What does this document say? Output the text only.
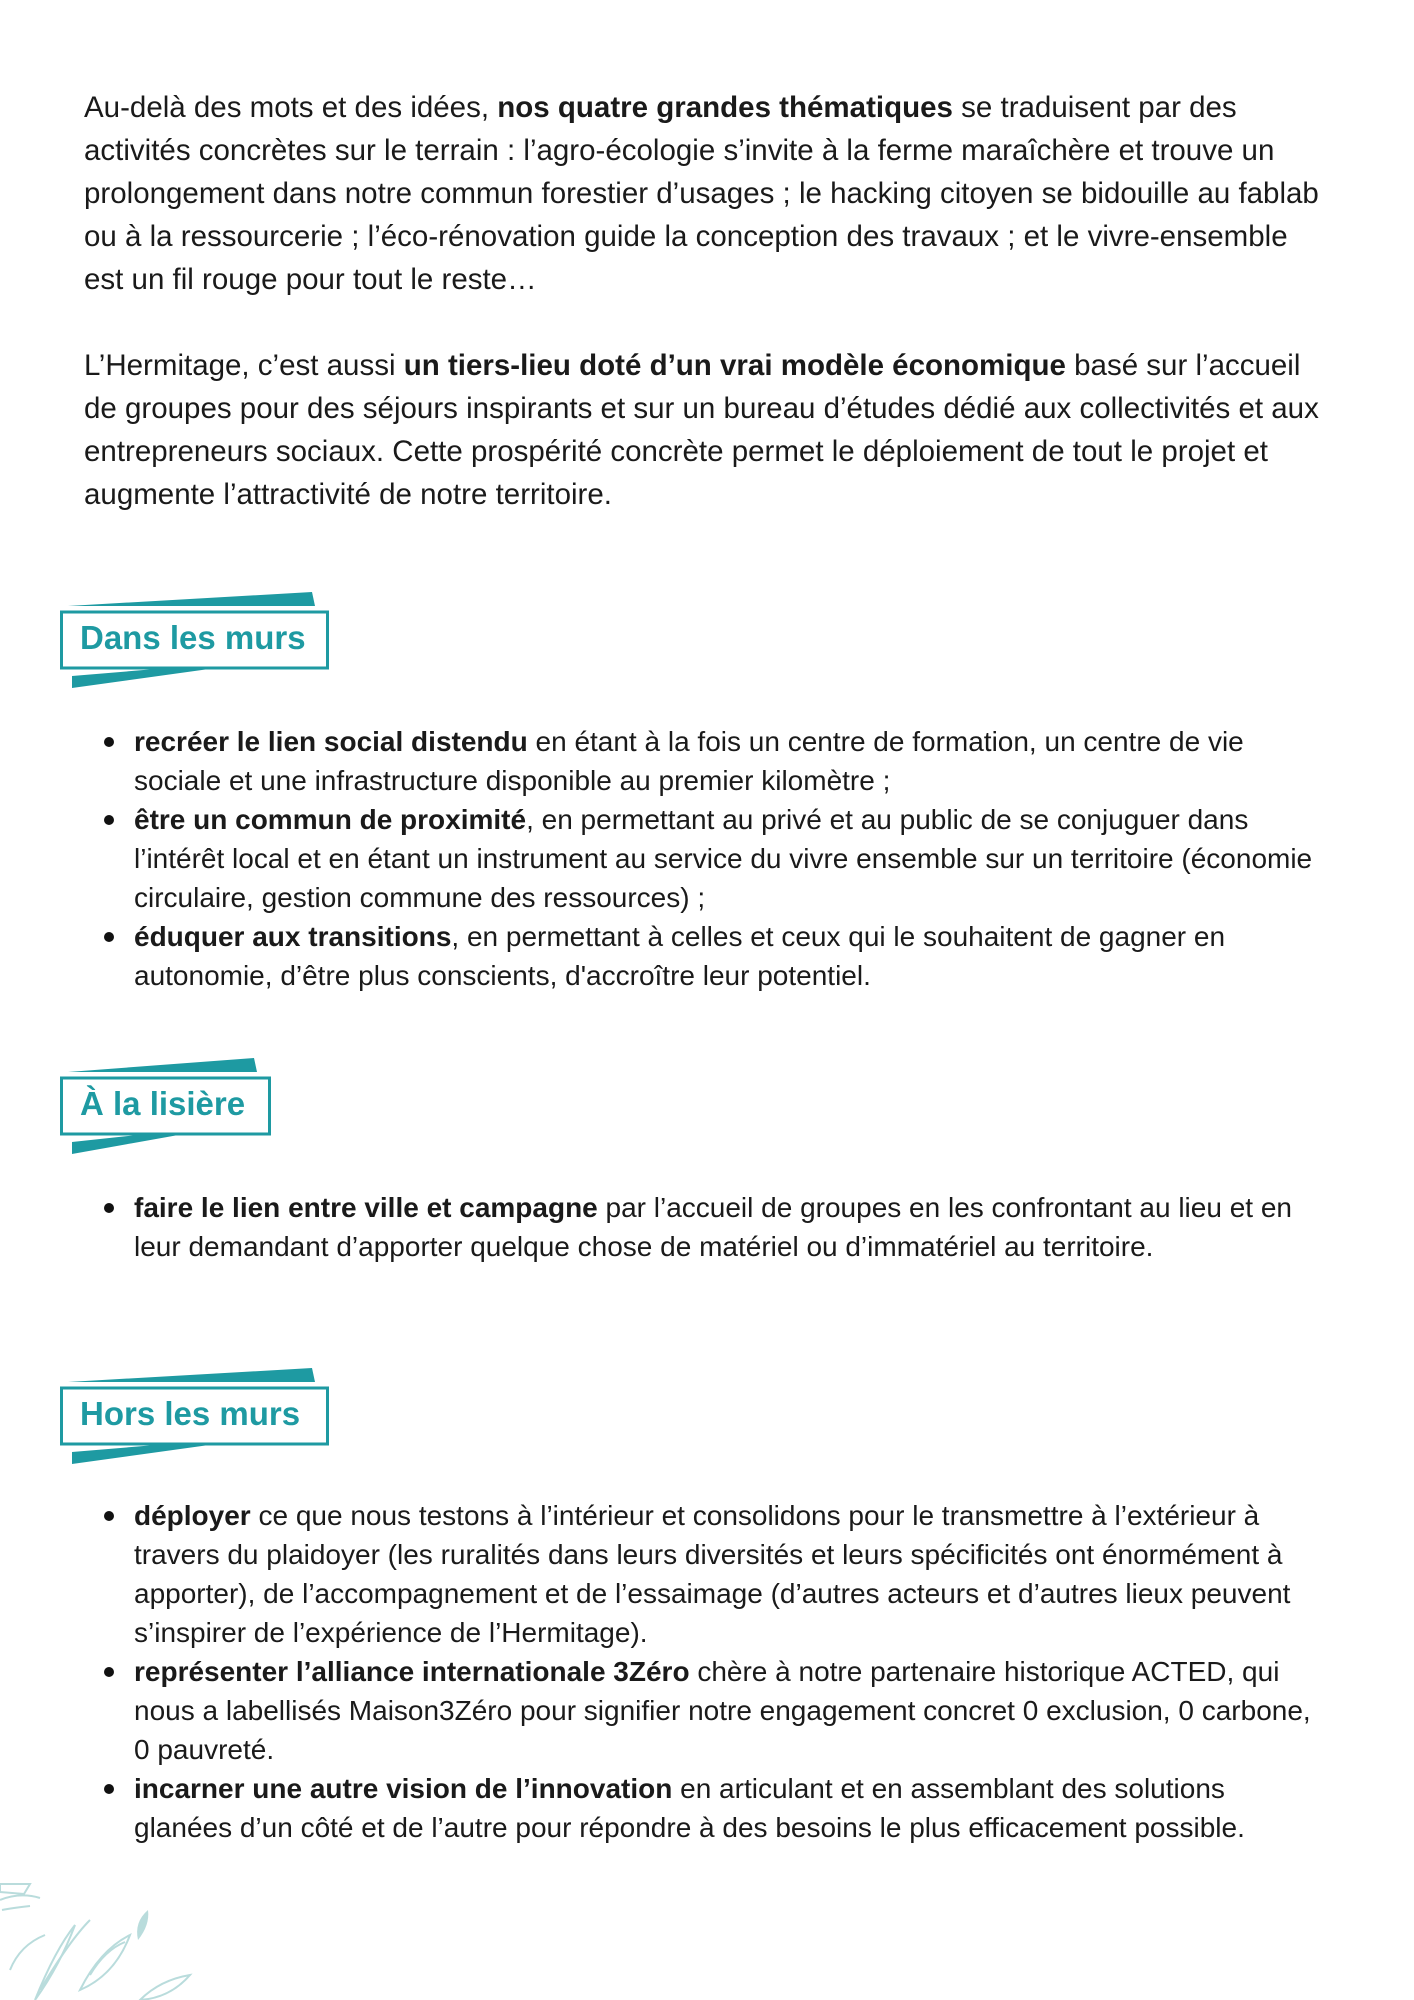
Au-delà des mots et des idées, nos quatre grandes thématiques se traduisent par des activités concrètes sur le terrain : l’agro-écologie s’invite à la ferme maraîchère et trouve un prolongement dans notre commun forestier d’usages ; le hacking citoyen se bidouille au fablab ou à la ressourcerie ; l’éco-rénovation guide la conception des travaux ; et le vivre-ensemble est un fil rouge pour tout le reste…

L’Hermitage, c’est aussi un tiers-lieu doté d’un vrai modèle économique basé sur l’accueil de groupes pour des séjours inspirants et sur un bureau d’études dédié aux collectivités et aux entrepreneurs sociaux. Cette prospérité concrète permet le déploiement de tout le projet et augmente l’attractivité de notre territoire.

Dans les murs
recréer le lien social distendu en étant à la fois un centre de formation, un centre de vie sociale et une infrastructure disponible au premier kilomètre ;
être un commun de proximité, en permettant au privé et au public de se conjuguer dans l’intérêt local et en étant un instrument au service du vivre ensemble sur un territoire (économie circulaire, gestion commune des ressources) ;
éduquer aux transitions, en permettant à celles et ceux qui le souhaitent de gagner en autonomie, d’être plus conscients, d'accroître leur potentiel.
À la lisière
faire le lien entre ville et campagne par l’accueil de groupes en les confrontant au lieu et en leur demandant d’apporter quelque chose de matériel ou d’immatériel au territoire.
Hors les murs
déployer ce que nous testons à l’intérieur et consolidons pour le transmettre à l’extérieur à travers du plaidoyer (les ruralités dans leurs diversités et leurs spécificités ont énormément à apporter), de l’accompagnement et de l’essaimage (d’autres acteurs et d’autres lieux peuvent s’inspirer de l’expérience de l’Hermitage).
représenter l’alliance internationale 3Zéro chère à notre partenaire historique ACTED, qui nous a labellisés Maison3Zéro pour signifier notre engagement concret 0 exclusion, 0 carbone, 0 pauvreté.
incarner une autre vision de l’innovation en articulant et en assemblant des solutions glanées d’un côté et de l’autre pour répondre à des besoins le plus efficacement possible.
